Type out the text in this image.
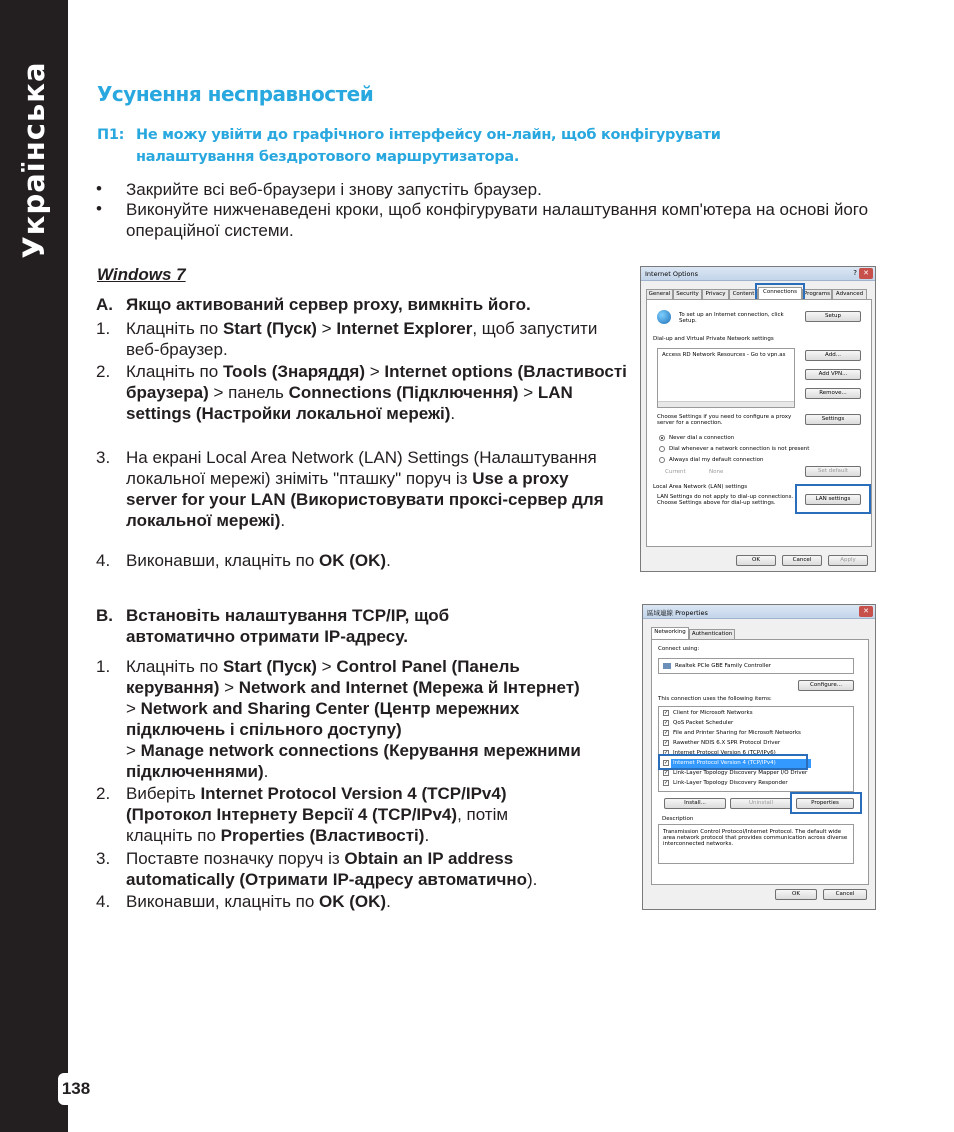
Українська Усунення несправностей
П1: Не можу увійти до графічного інтерфейсу он-лайн, щоб конфігурувати налаштування бездротового маршрутизатора.
• Закрийте всі веб-браузери і знову запустіть браузер.
• Виконуйте нижченаведені кроки, щоб конфігурувати налаштування комп'ютера на основі його операційної системи.
Windows 7
A. Якщо активований сервер proxy, вимкніть його.
1. Клацніть по Start (Пуск) > Internet Explorer, щоб запустити веб-браузер.
2. Клацніть по Tools (Знаряддя) > Internet options (Властивості браузера) > панель Connections (Підключення) > LAN settings (Настройки локальної мережі).
3. На екрані Local Area Network (LAN) Settings (Налаштування локальної мережі) зніміть "пташку" поруч із Use a proxy server for your LAN (Використовувати проксі-сервер для локальної мережі).
4. Виконавши, клацніть по OK (OK).
B. Встановіть налаштування TCP/IP, щоб автоматично отримати IP-адресу.
1. Клацніть по Start (Пуск) > Control Panel (Панель керування) > Network and Internet (Мережа й Інтернет) > Network and Sharing Center (Центр мережних підключень і спільного доступу)
> Manage network connections (Керування мережними підключеннями).
2. Виберіть Internet Protocol Version 4 (TCP/IPv4) (Протокол Інтернету Версії 4 (TCP/IPv4), потім клацніть по Properties (Властивості).
3. Поставте позначку поруч із Obtain an IP address automatically (Отримати IP-адресу автоматично).
4. Виконавши, клацніть по OK (OK).
Internet Options	? ✕
General	Security	Privacy	Content	Connections	Programs	Advanced
To set up an Internet connection, click Setup.
Setup
Dial-up and Virtual Private Network settings
Access RD Network Resources - Go to vpn.as	Add...
Add VPN...
Remove...
Choose Settings if you need to configure a proxy server for a connection.
Settings
Never dial a connection
Dial whenever a network connection is not present
Always dial my default connection
Current	None	Set default
Local Area Network (LAN) settings
LAN Settings do not apply to dial-up connections. Choose Settings above for dial-up settings.
LAN settings
OK	Cancel	Apply
區域連線 Properties	✕
Networking	Authentication
Connect using:
Realtek PCIe GBE Family Controller
Configure...
This connection uses the following items:
✓ Client for Microsoft Networks
✓ QoS Packet Scheduler
✓ File and Printer Sharing for Microsoft Networks
✓ Rawether NDIS 6.X SPR Protocol Driver
✓ Internet Protocol Version 6 (TCP/IPv6)
✓ Internet Protocol Version 4 (TCP/IPv4)
✓ Link-Layer Topology Discovery Mapper I/O Driver
✓ Link-Layer Topology Discovery Responder
Install...	Uninstall	Properties
Description
Transmission Control Protocol/Internet Protocol. The default wide area network protocol that provides communication across diverse interconnected networks.
OK	Cancel
138
